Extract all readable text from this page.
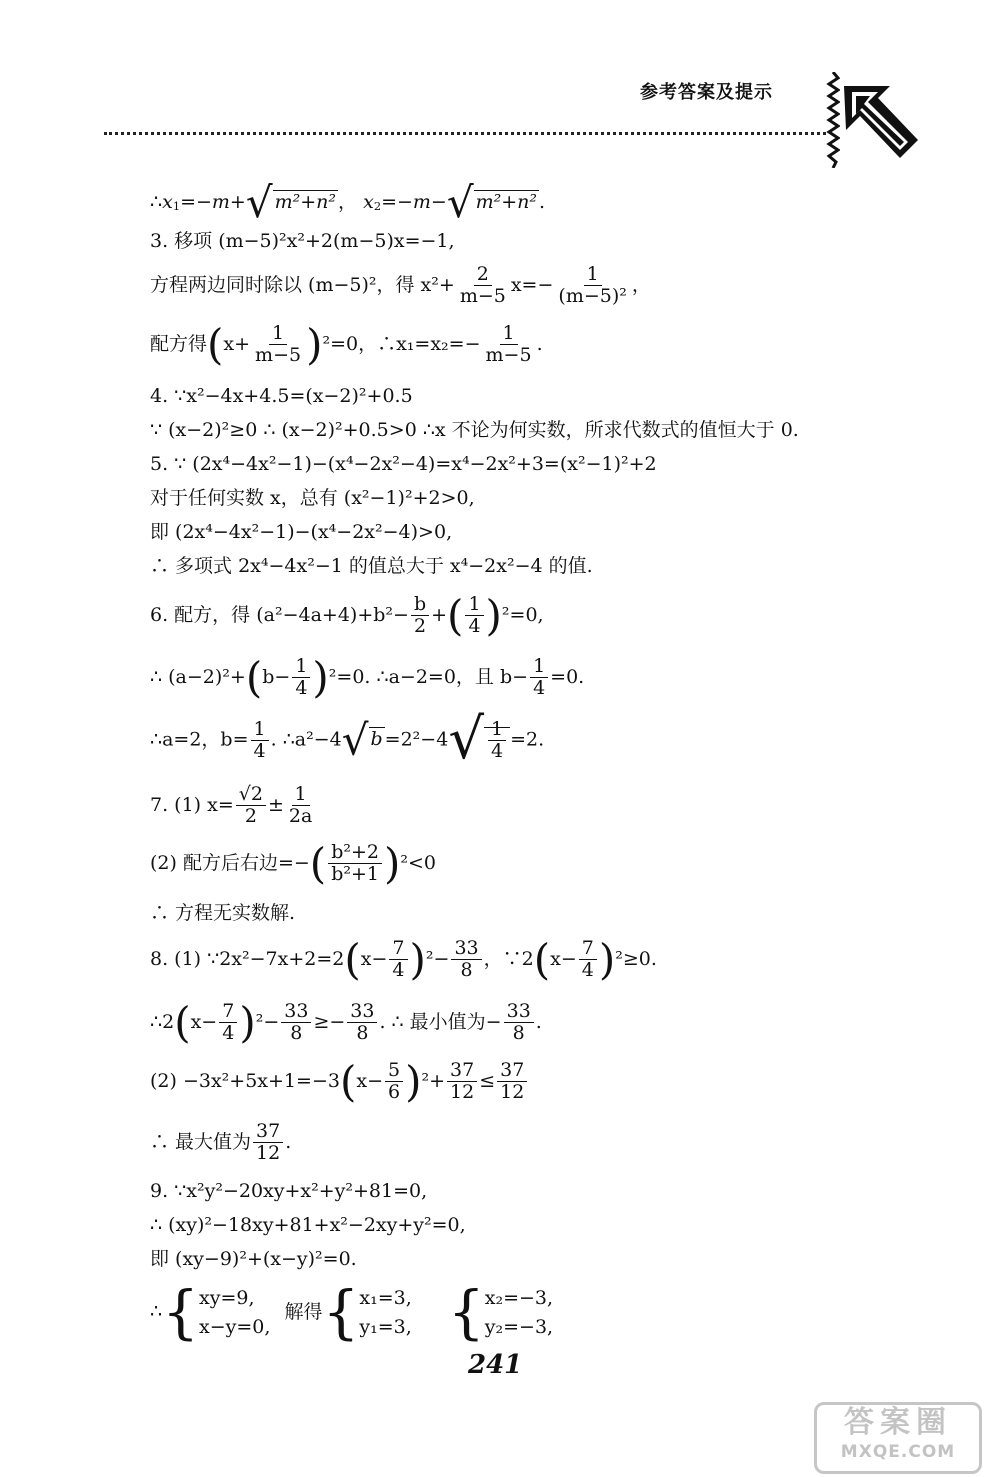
参考答案及提示
$\therefore x_1=-m+√$ m²+n² ， $x_2=-m-√$ m²+n² .
3. 移项 (m−5)²x²+2(m−5)x=−1,
方程两边同时除以 (m−5)²，得 $x^2+ \frac{2}{m-5} x=- \frac{1}{\text{(m−5)²}}$ ，
配方得$(x+ \frac{1}{m-5} )^2=0$，∴x₁=x₂=− $\frac{1}{m-5}$ .
4. ∵x²−4x+4.5=(x−2)²+0.5
∵ (x−2)²≥0 ∴ (x−2)²+0.5>0 ∴x 不论为何实数，所求代数式的值恒大于 0.
5. ∵ (2x⁴−4x²−1)−(x⁴−2x²−4)=x⁴−2x²+3=(x²−1)²+2
对于任何实数 x，总有 (x²−1)²+2>0,
即 (2x⁴−4x²−1)−(x⁴−2x²−4)>0,
∴ 多项式 2x⁴−4x²−1 的值总大于 x⁴−2x²−4 的值.
6. 配方，得 $(a^2-4a+4)+b^2- \frac{b}{2}$ +( $\frac{1}{4} )^2=0$,
∴ $(a-2)^2+(b- \frac{1}{4} )^2=0$. ∴a−2=0，且 $b- \frac{1}{4} =0$.
∴a=2，$b= \frac{1}{4}$ . ∴a²−4√ $b =2^2-4√ \frac{1}{4} =2$.
7. (1) $x= \frac{√2}{2} \pm \frac{1}{2a}$
(2) 配方后右边=−( $\frac{\text{b²+2}}{\text{b²+1}} )^2<0$
∴ 方程无实数解.
8. (1) ∵2x²−7x+2=2(x− $\frac{7}{4} )^2- \frac{33}{8}$ ，∵2(x− $\frac{7}{4} )^2\ge 0$.
∴2(x− $\frac{7}{4} )^2- \frac{33}{8} \ge- \frac{33}{8}$ . ∴ 最小值为− $\frac{33}{8}$ .
$(2) -3x^2+5x+1=-3(x- \frac{5}{6} )^2+ \frac{37}{12} \le \frac{37}{12}$
∴ 最大值为 $\frac{37}{12}$ .
9. ∵x²y²−20xy+x²+y²+81=0,
∴ (xy)²−18xy+81+x²−2xy+y²=0,
即 (xy−9)²+(x−y)²=0.
∴{ xy=9,
x−y=0,
解得{ x₁=3,
y₁=3, { x₂=−3,
y₂=−3,
241
答案圈
MXQE.COM
